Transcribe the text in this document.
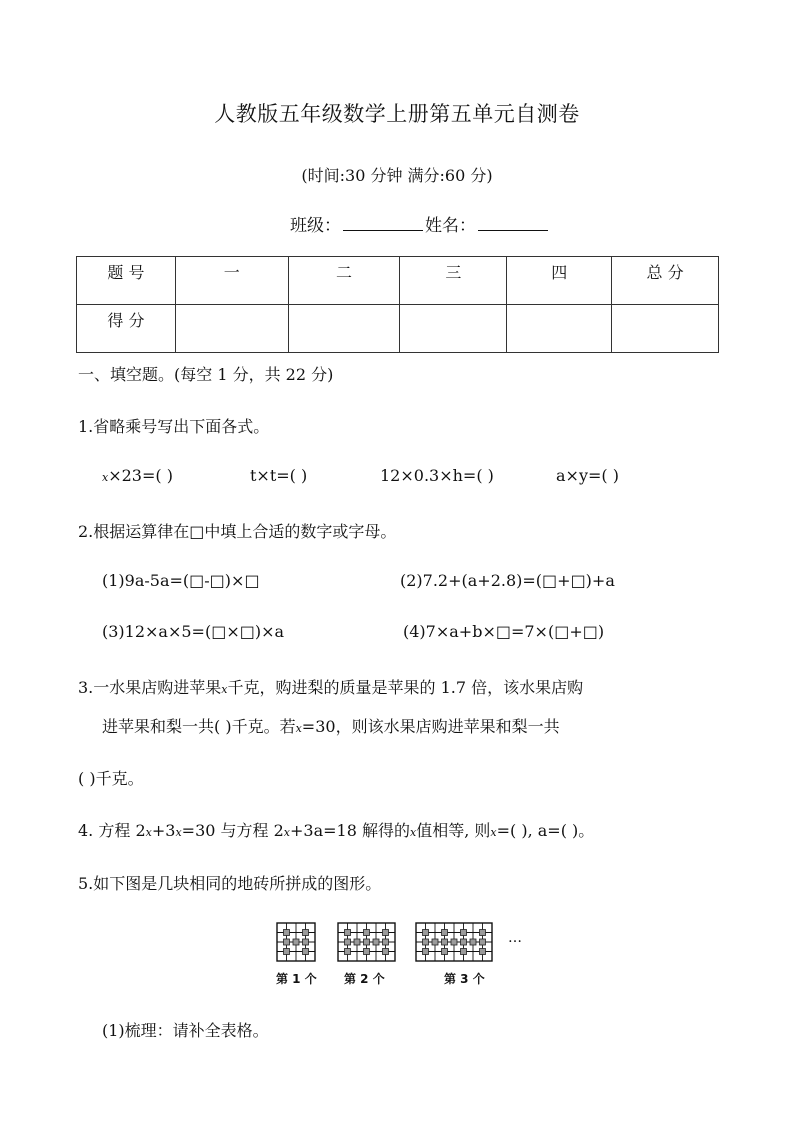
人教版五年级数学上册第五单元自测卷
(时间:30 分钟 满分:60 分)
班级：	姓名：
题 号	一	二	三	四	总 分
得 分					
一、填空题。(每空 1 分，共 22 分)
1.省略乘号写出下面各式。
x×23=( )	t×t=( )	12×0.3×h=( )	a×y=( )
2.根据运算律在□中填上合适的数字或字母。
(1)9a-5a=(□-□)×□	(2)7.2+(a+2.8)=(□+□)+a
(3)12×a×5=(□×□)×a	(4)7×a+b×□=7×(□+□)
3.一水果店购进苹果x千克，购进梨的质量是苹果的 1.7 倍，该水果店购
进苹果和梨一共( )千克。若x=30，则该水果店购进苹果和梨一共
( )千克。
4. 方程 2x+3x=30 与方程 2x+3a=18 解得的x值相等, 则x=( ), a=( )。
5.如下图是几块相同的地砖所拼成的图形。
第 1 个 第 2 个	第 3 个
…
(1)梳理：请补全表格。
